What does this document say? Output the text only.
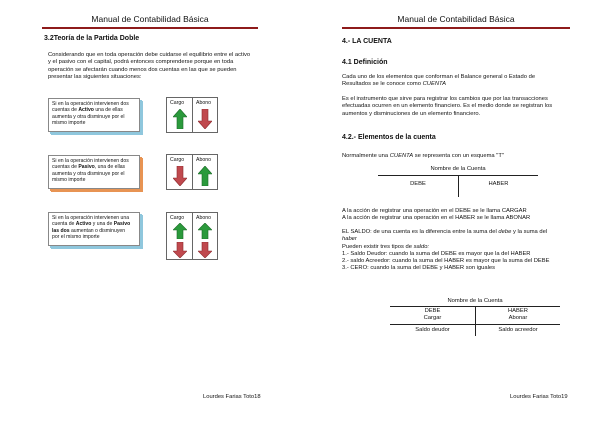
Manual de Contabilidad Básica
3.2Teoría de la Partida Doble
Considerando que en toda operación debe cuidarse el equilibrio entre el activo
y el pasivo con el capital, podrá entonces comprenderse porque en toda
operación se afectarán cuando menos dos cuentas en las que se pueden
presentar las siguientes situaciones:
Si en la operación intervienen dos
cuentas de Activo una de ellas
aumenta y otra disminuye por el
mismo importe
Cargo Abono
Si en la operación intervienen dos
cuentas de Pasivo, una de ellas
aumenta y otra disminuye por el
mismo importe
Cargo Abono
Si en la operación intervienen una
cuenta de Activo y una de Pasivo
las dos aumentan o disminuyen
por el mismo importe
Cargo Abono
Lourdes Farias Toto18
Manual de Contabilidad Básica
4.- LA CUENTA
4.1 Definición
Cada uno de los elementos que conforman el Balance general o Estado de
Resultados se le conoce como CUENTA
Es el instrumento que sirve para registrar los cambios que por las transacciones
efectuadas ocurren en un elemento financiero. Es el medio donde se registran los
aumentos y disminuciones de un elemento financiero.
4.2.- Elementos de la cuenta
Normalmente una CUENTA se representa con un esquema "T"
Nombre de la Cuenta
DEBE	HABER
A la acción de registrar una operación en el DEBE se le llama CARGAR
A la acción de registrar una operación en el HABER se le llama ABONAR
EL SALDO: de una cuenta es la diferencia entre la suma del debe y la suma del
haber
Pueden existir tres tipos de saldo:
1.- Saldo Deudor: cuando la suma del DEBE es mayor que la del HABER
2.- saldo Acreedor: cuando la suma del HABER es mayor que la suma del DEBE
3.- CERO: cuando la suma del DEBE y HABER son iguales
Nombre de la Cuenta
DEBE
Cargar
HABER
Abonar
Saldo deudor	Saldo acreedor
Lourdes Farias Toto19
